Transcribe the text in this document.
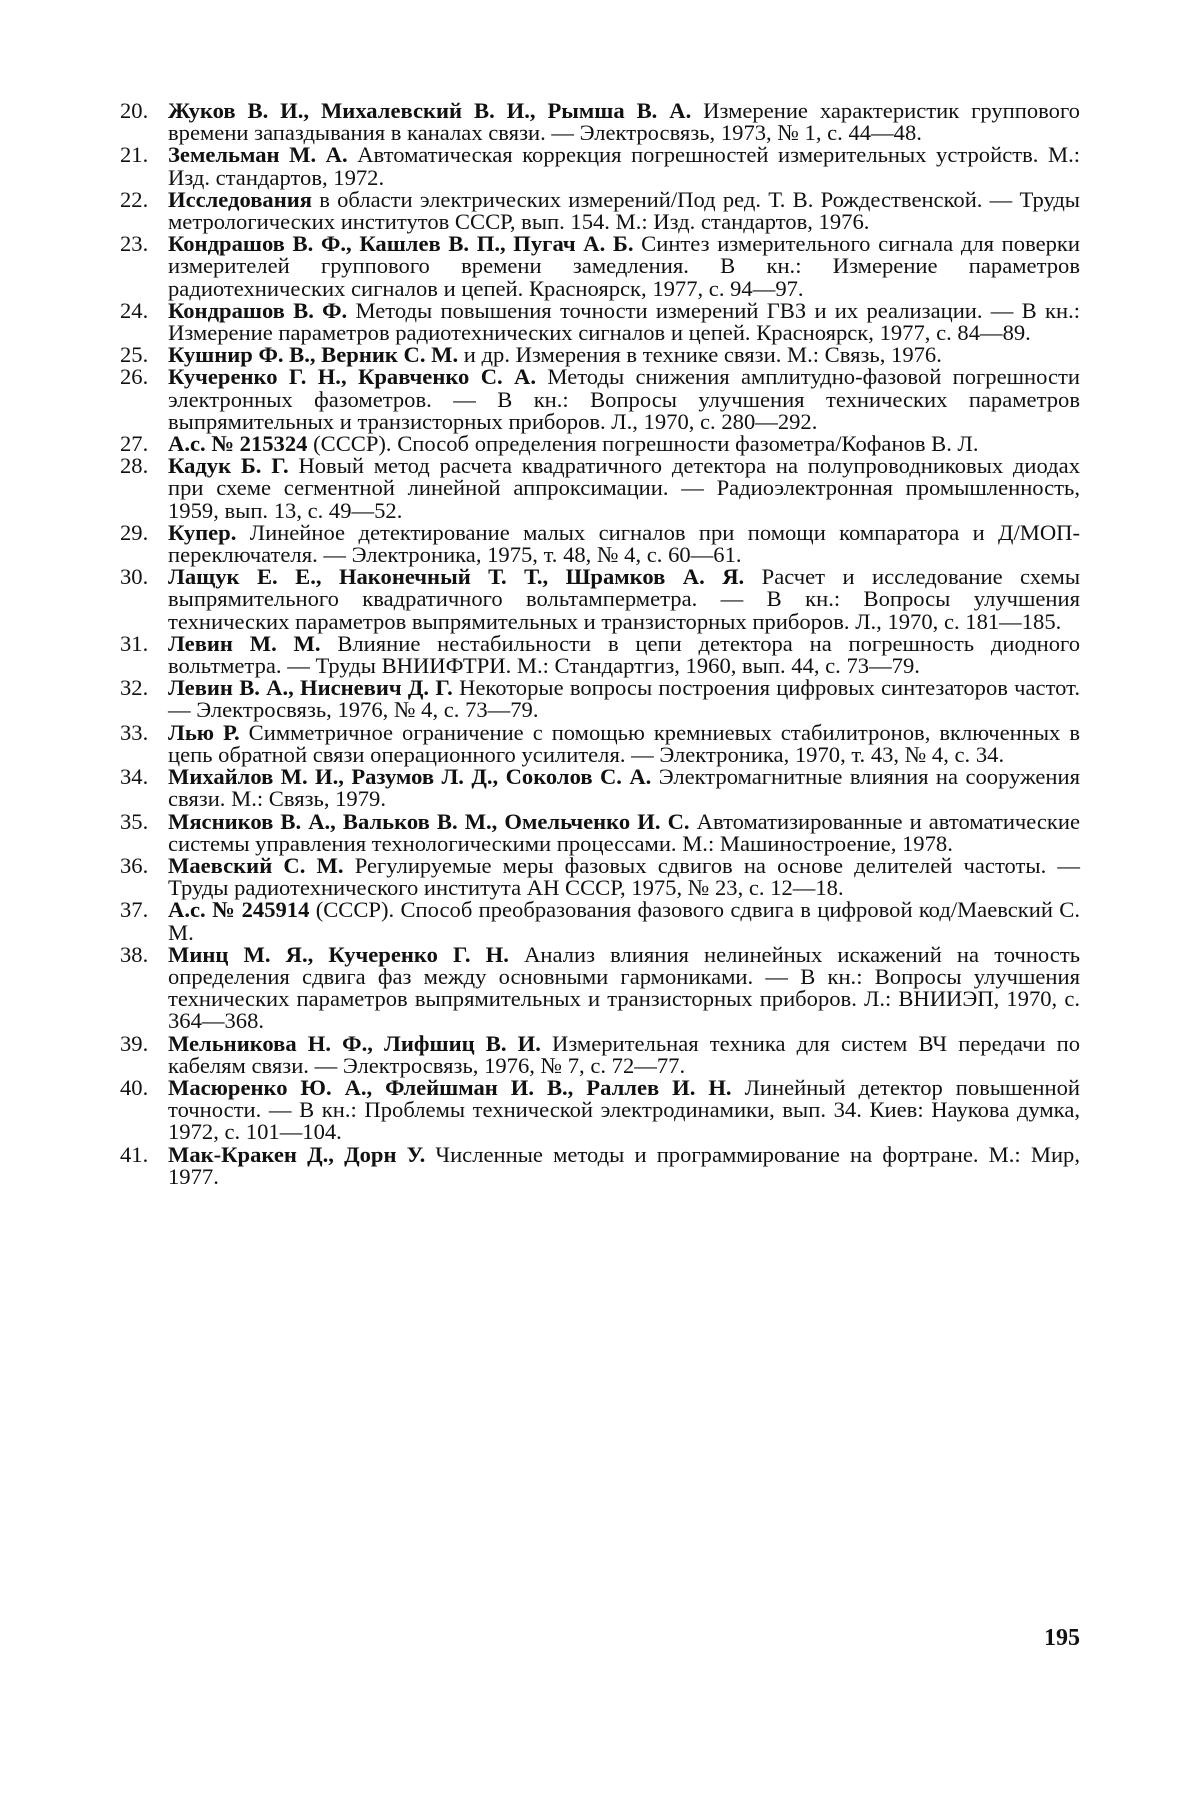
20. Жуков В. И., Михалевский В. И., Рымша В. А. Измерение характеристик группового времени запаздывания в каналах связи. — Электросвязь, 1973, № 1, с. 44—48.
21. Земельман М. А. Автоматическая коррекция погрешностей измерительных устройств. М.: Изд. стандартов, 1972.
22. Исследования в области электрических измерений/Под ред. Т. В. Рождественской. — Труды метрологических институтов СССР, вып. 154. М.: Изд. стандартов, 1976.
23. Кондрашов В. Ф., Кашлев В. П., Пугач А. Б. Синтез измерительного сигнала для поверки измерителей группового времени замедления. В кн.: Измерение параметров радиотехнических сигналов и цепей. Красноярск, 1977, с. 94—97.
24. Кондрашов В. Ф. Методы повышения точности измерений ГВЗ и их реализации. — В кн.: Измерение параметров радиотехнических сигналов и цепей. Красноярск, 1977, с. 84—89.
25. Кушнир Ф. В., Верник С. М. и др. Измерения в технике связи. М.: Связь, 1976.
26. Кучеренко Г. Н., Кравченко С. А. Методы снижения амплитудно-фазовой погрешности электронных фазометров. — В кн.: Вопросы улучшения технических параметров выпрямительных и транзисторных приборов. Л., 1970, с. 280—292.
27. А.с. № 215324 (СССР). Способ определения погрешности фазометра/Кофанов В. Л.
28. Кадук Б. Г. Новый метод расчета квадратичного детектора на полупроводниковых диодах при схеме сегментной линейной аппроксимации. — Радиоэлектронная промышленность, 1959, вып. 13, с. 49—52.
29. Купер. Линейное детектирование малых сигналов при помощи компаратора и Д/МОП-переключателя. — Электроника, 1975, т. 48, № 4, с. 60—61.
30. Лащук Е. Е., Наконечный Т. Т., Шрамков А. Я. Расчет и исследование схемы выпрямительного квадратичного вольтамперметра. — В кн.: Вопросы улучшения технических параметров выпрямительных и транзисторных приборов. Л., 1970, с. 181—185.
31. Левин М. М. Влияние нестабильности в цепи детектора на погрешность диодного вольтметра. — Труды ВНИИФТРИ. М.: Стандартгиз, 1960, вып. 44, с. 73—79.
32. Левин В. А., Нисневич Д. Г. Некоторые вопросы построения цифровых синтезаторов частот. — Электросвязь, 1976, № 4, с. 73—79.
33. Лью Р. Симметричное ограничение с помощью кремниевых стабилитронов, включенных в цепь обратной связи операционного усилителя. — Электроника, 1970, т. 43, № 4, с. 34.
34. Михайлов М. И., Разумов Л. Д., Соколов С. А. Электромагнитные влияния на сооружения связи. М.: Связь, 1979.
35. Мясников В. А., Вальков В. М., Омельченко И. С. Автоматизированные и автоматические системы управления технологическими процессами. М.: Машиностроение, 1978.
36. Маевский С. М. Регулируемые меры фазовых сдвигов на основе делителей частоты. — Труды радиотехнического института АН СССР, 1975, № 23, с. 12—18.
37. А.с. № 245914 (СССР). Способ преобразования фазового сдвига в цифровой код/Маевский С. М.
38. Минц М. Я., Кучеренко Г. Н. Анализ влияния нелинейных искажений на точность определения сдвига фаз между основными гармониками. — В кн.: Вопросы улучшения технических параметров выпрямительных и транзисторных приборов. Л.: ВНИИЭП, 1970, с. 364—368.
39. Мельникова Н. Ф., Лифшиц В. И. Измерительная техника для систем ВЧ передачи по кабелям связи. — Электросвязь, 1976, № 7, с. 72—77.
40. Масюренко Ю. А., Флейшман И. В., Раллев И. Н. Линейный детектор повышенной точности. — В кн.: Проблемы технической электродинамики, вып. 34. Киев: Наукова думка, 1972, с. 101—104.
41. Мак-Кракен Д., Дорн У. Численные методы и программирование на фортране. М.: Мир, 1977.
195
